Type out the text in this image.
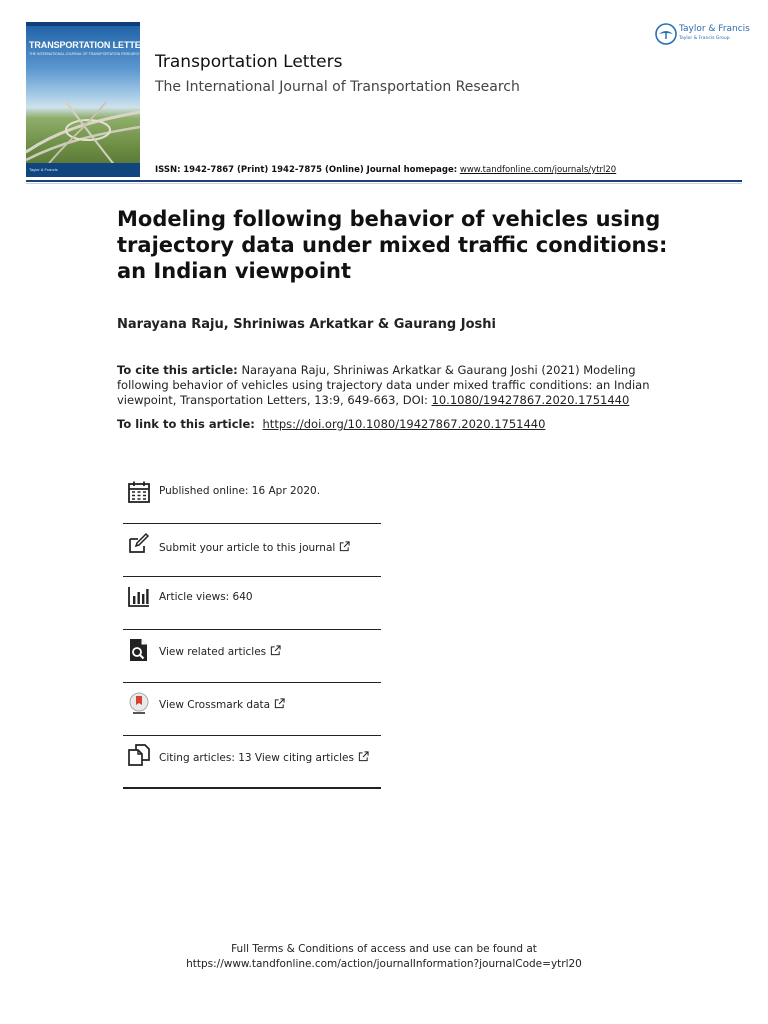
TRANSPORTATION LETTERS
THE INTERNATIONAL JOURNAL OF TRANSPORTATION RESEARCH
Taylor & Francis
Transportation Letters
The International Journal of Transportation Research
ISSN: 1942-7867 (Print) 1942-7875 (Online) Journal homepage: www.tandfonline.com/journals/ytrl20
Taylor & Francis
Taylor & Francis Group
Modeling following behavior of vehicles using trajectory data under mixed traffic conditions: an Indian viewpoint
Narayana Raju, Shriniwas Arkatkar & Gaurang Joshi
To cite this article: Narayana Raju, Shriniwas Arkatkar & Gaurang Joshi (2021) Modeling following behavior of vehicles using trajectory data under mixed traffic conditions: an Indian viewpoint, Transportation Letters, 13:9, 649-663, DOI: 10.1080/19427867.2020.1751440
To link to this article: https://doi.org/10.1080/19427867.2020.1751440
Published online: 16 Apr 2020.
Submit your article to this journal
Article views: 640
View related articles
View Crossmark data
Citing articles: 13 View citing articles
Full Terms & Conditions of access and use can be found at
https://www.tandfonline.com/action/journalInformation?journalCode=ytrl20
